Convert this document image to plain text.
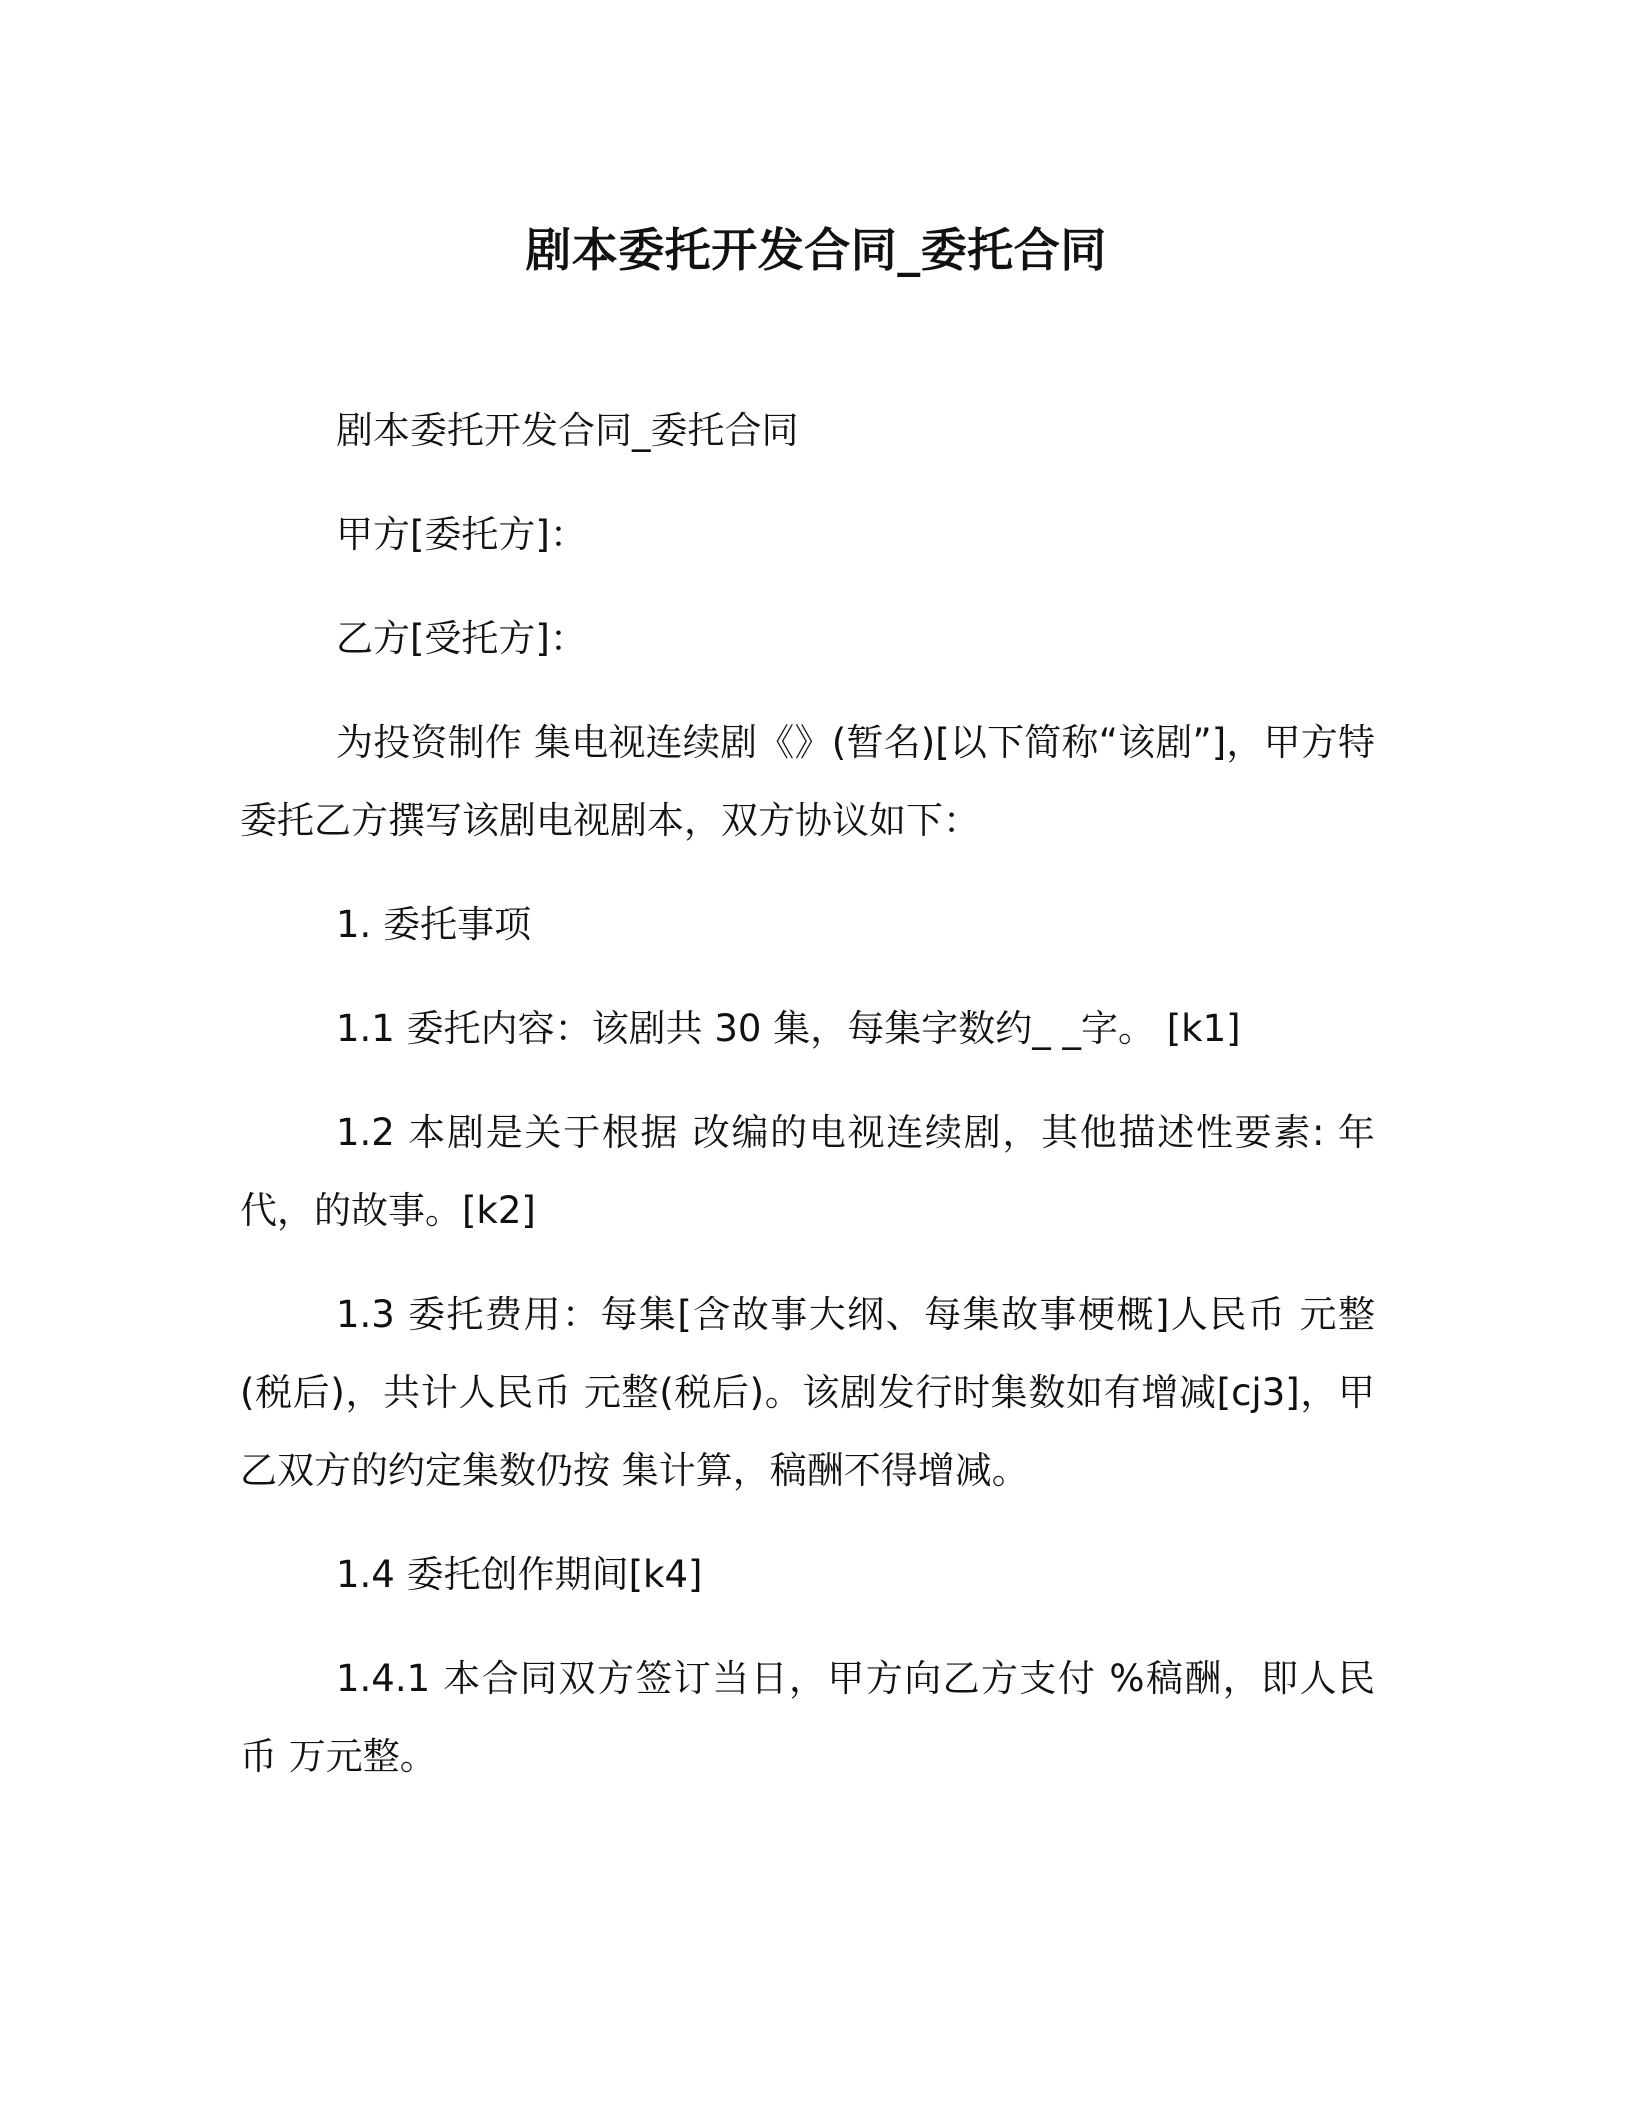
剧本委托开发合同_委托合同

剧本委托开发合同_委托合同

甲方[委托方]：

乙方[受托方]：

为投资制作 集电视连续剧《》(暂名)[以下简称“该剧”]，甲方特委托乙方撰写该剧电视剧本，双方协议如下：

1. 委托事项

1.1 委托内容：该剧共 30 集，每集字数约_ _字。 [k1]

1.2 本剧是关于根据 改编的电视连续剧，其他描述性要素: 年代，的故事。[k2]

1.3 委托费用：每集[含故事大纲、每集故事梗概]人民币 元整(税后)，共计人民币 元整(税后)。该剧发行时集数如有增减[cj3]，甲乙双方的约定集数仍按 集计算，稿酬不得增减。

1.4 委托创作期间[k4]

1.4.1 本合同双方签订当日，甲方向乙方支付 %稿酬，即人民币 万元整。
